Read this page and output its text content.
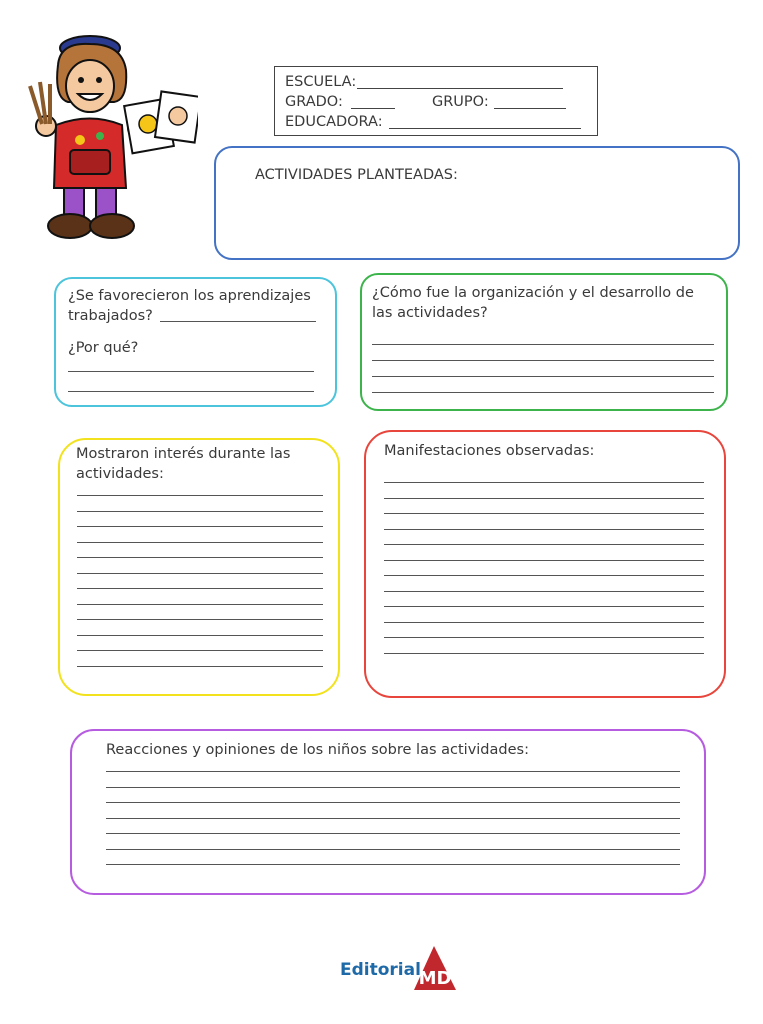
ESCUELA:
GRADO:	GRUPO:
EDUCADORA:
ACTIVIDADES PLANTEADAS:
¿Se favorecieron los aprendizajes
trabajados?
¿Por qué?
¿Cómo fue la organización y el desarrollo de
las actividades?
Mostraron interés durante las
actividades:
Manifestaciones observadas:
Reacciones y opiniones de los niños sobre las actividades:
Editorial
MD
